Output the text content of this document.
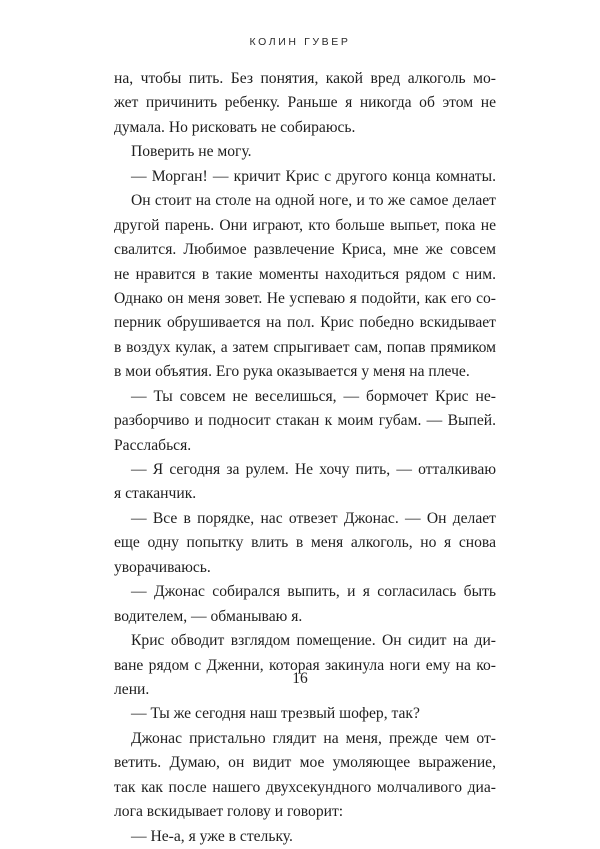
КОЛИН ГУВЕР
на, чтобы пить. Без понятия, какой вред алкоголь мо-
жет причинить ребенку. Раньше я никогда об этом не
думала. Но рисковать не собираюсь.
Поверить не могу.
— Морган! — кричит Крис с другого конца комнаты.
Он стоит на столе на одной ноге, и то же самое делает
другой парень. Они играют, кто больше выпьет, пока не
свалится. Любимое развлечение Криса, мне же совсем
не нравится в такие моменты находиться рядом с ним.
Однако он меня зовет. Не успеваю я подойти, как его со-
перник обрушивается на пол. Крис победно вскидывает
в воздух кулак, а затем спрыгивает сам, попав прямиком
в мои объятия. Его рука оказывается у меня на плече.
— Ты совсем не веселишься, — бормочет Крис не-
разборчиво и подносит стакан к моим губам. — Выпей.
Расслабься.
— Я сегодня за рулем. Не хочу пить, — отталкиваю
я стаканчик.
— Все в порядке, нас отвезет Джонас. — Он делает
еще одну попытку влить в меня алкоголь, но я снова
уворачиваюсь.
— Джонас собирался выпить, и я согласилась быть
водителем, — обманываю я.
Крис обводит взглядом помещение. Он сидит на ди-
ване рядом с Дженни, которая закинула ноги ему на ко-
лени.
— Ты же сегодня наш трезвый шофер, так?
Джонас пристально глядит на меня, прежде чем от-
ветить. Думаю, он видит мое умоляющее выражение,
так как после нашего двухсекундного молчаливого диа-
лога вскидывает голову и говорит:
— Не-а, я уже в стельку.
16
